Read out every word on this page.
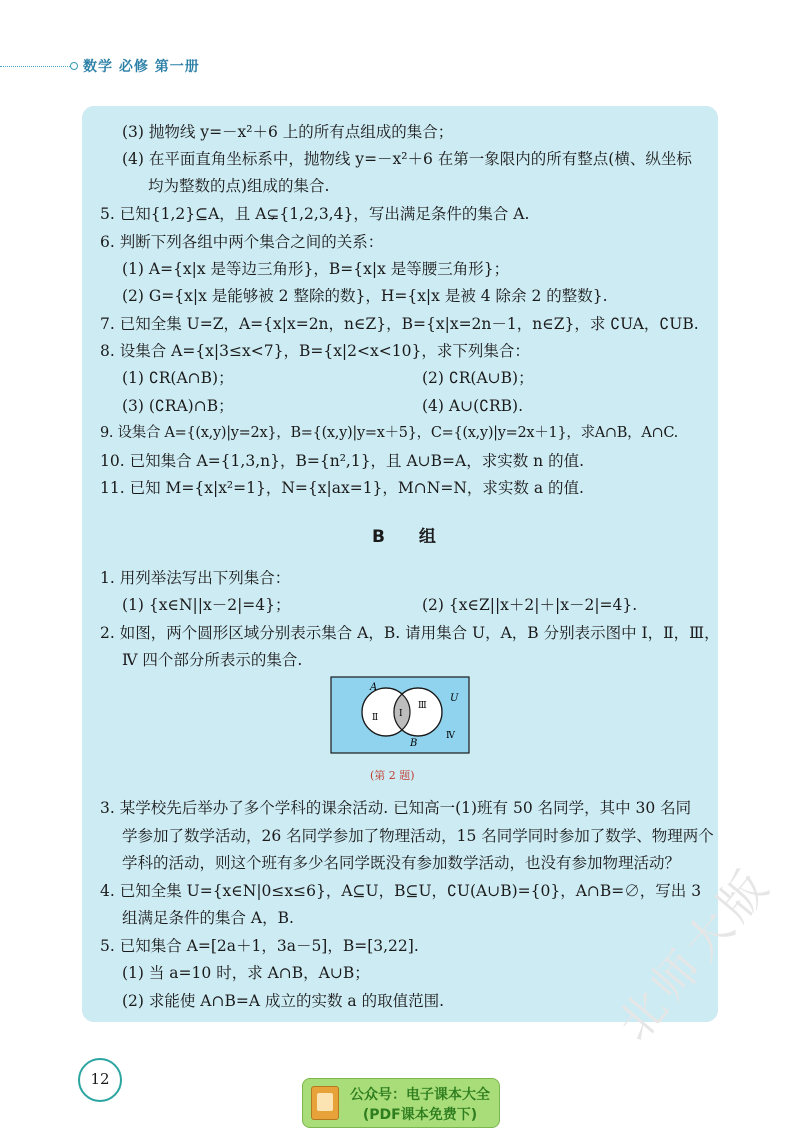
数学 必修 第一册
(3) 抛物线 y=－x²＋6 上的所有点组成的集合；
(4) 在平面直角坐标系中，抛物线 y=－x²＋6 在第一象限内的所有整点(横、纵坐标
均为整数的点)组成的集合.
5. 已知{1,2}⊆A，且 A⊊{1,2,3,4}，写出满足条件的集合 A.
6. 判断下列各组中两个集合之间的关系：
(1) A={x|x 是等边三角形}，B={x|x 是等腰三角形}；
(2) G={x|x 是能够被 2 整除的数}，H={x|x 是被 4 除余 2 的整数}.
7. 已知全集 U=Z，A={x|x=2n，n∈Z}，B={x|x=2n－1，n∈Z}，求 ∁UA，∁UB.
8. 设集合 A={x|3≤x<7}，B={x|2<x<10}，求下列集合：
(1) ∁R(A∩B)；	(2) ∁R(A∪B)；
(3) (∁RA)∩B；	(4) A∪(∁RB).
9. 设集合 A={(x,y)|y=2x}，B={(x,y)|y=x＋5}，C={(x,y)|y=2x＋1}，求A∩B，A∩C.
10. 已知集合 A={1,3,n}，B={n²,1}，且 A∪B=A，求实数 n 的值.
11. 已知 M={x|x²=1}，N={x|ax=1}，M∩N=N，求实数 a 的值.
B 组
1. 用列举法写出下列集合：
(1) {x∈N||x－2|=4}；	(2) {x∈Z||x＋2|＋|x－2|=4}.
2. 如图，两个圆形区域分别表示集合 A，B. 请用集合 U，A，B 分别表示图中 Ⅰ，Ⅱ，Ⅲ，
Ⅳ 四个部分所表示的集合.
A
B
U
Ⅰ
Ⅱ
Ⅲ
Ⅳ
(第 2 题)
3. 某学校先后举办了多个学科的课余活动. 已知高一(1)班有 50 名同学，其中 30 名同
学参加了数学活动，26 名同学参加了物理活动，15 名同学同时参加了数学、物理两个
学科的活动，则这个班有多少名同学既没有参加数学活动，也没有参加物理活动？
4. 已知全集 U={x∈N|0≤x≤6}，A⊆U，B⊆U，∁U(A∪B)={0}，A∩B=∅，写出 3
组满足条件的集合 A，B.
5. 已知集合 A=[2a＋1，3a－5]，B=[3,22].
(1) 当 a=10 时，求 A∩B，A∪B；
(2) 求能使 A∩B=A 成立的实数 a 的取值范围.
12
公众号：电子课本大全
(PDF课本免费下)
北师大版
